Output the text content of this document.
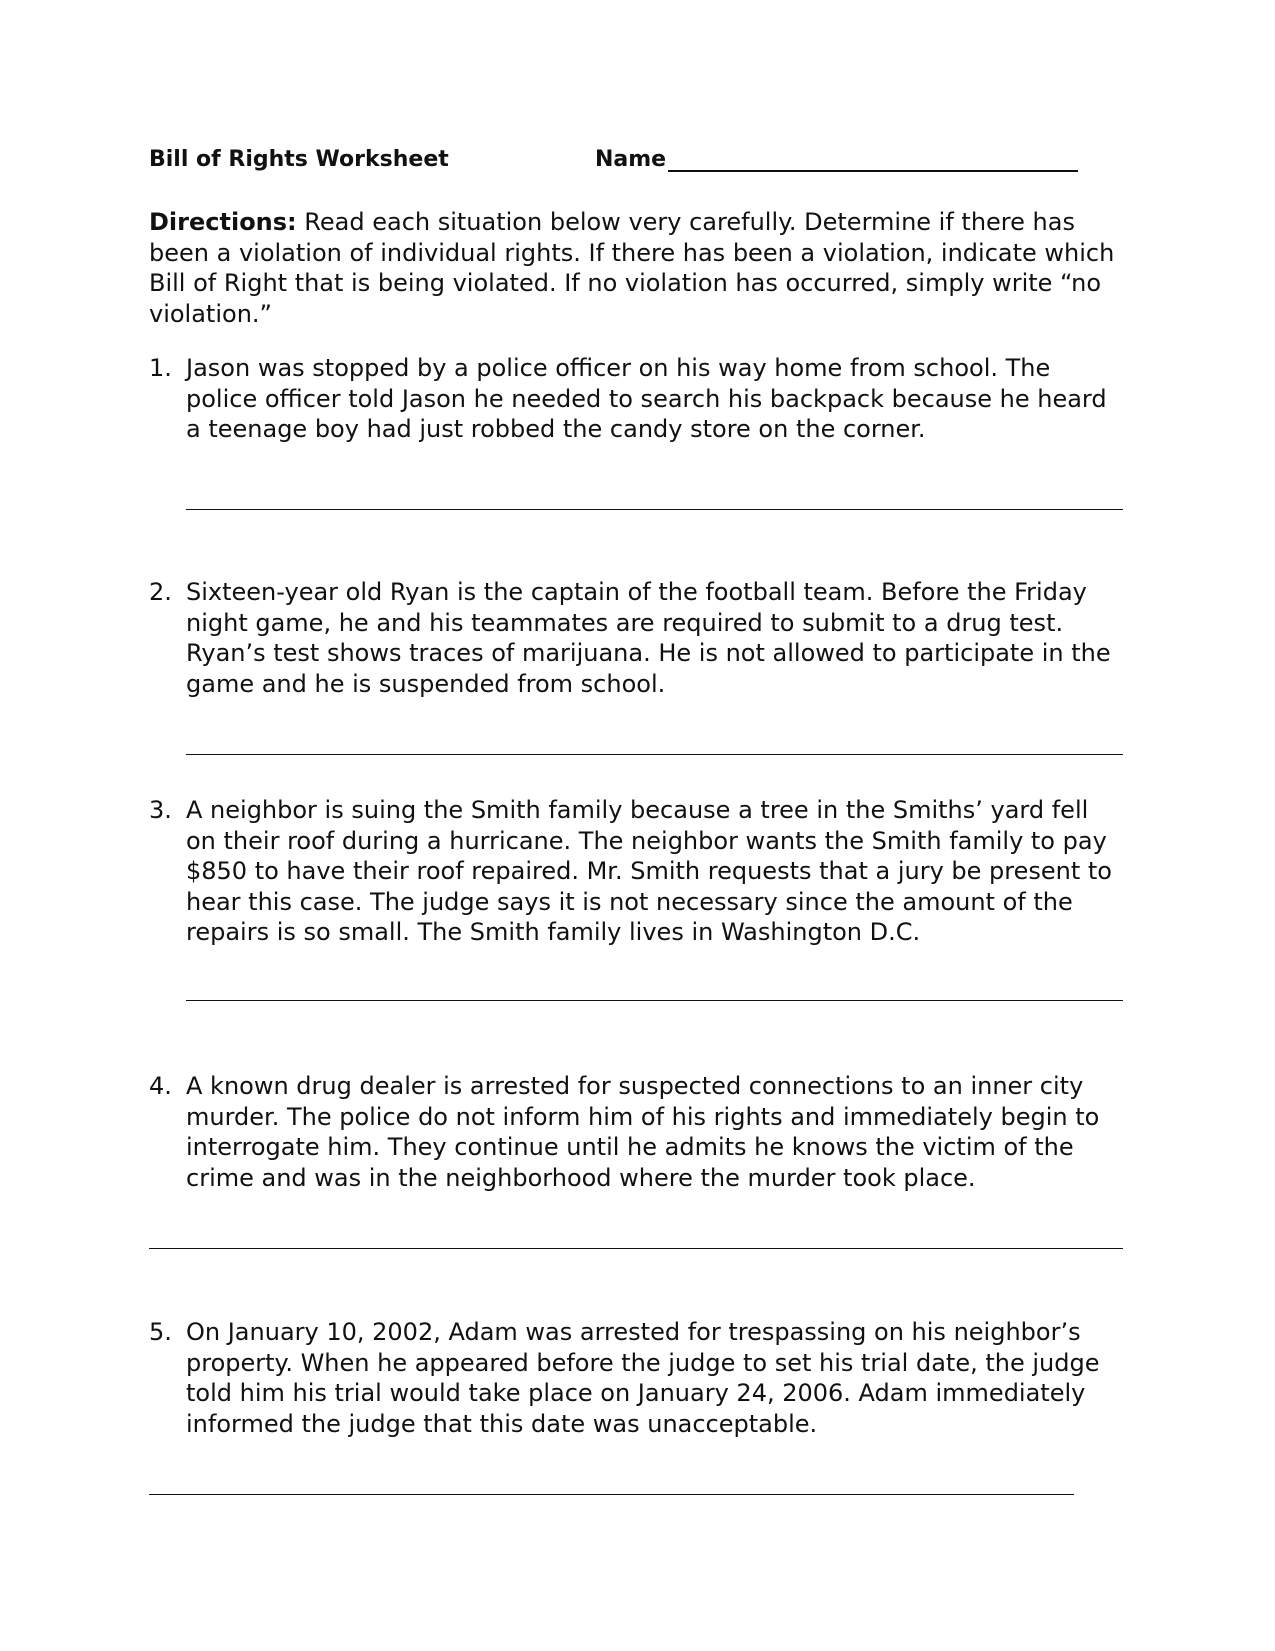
Bill of Rights Worksheet	Name
Directions: Read each situation below very carefully. Determine if there has been a violation of individual rights. If there has been a violation, indicate which Bill of Right that is being violated. If no violation has occurred, simply write “no violation.”
1. Jason was stopped by a police officer on his way home from school. The police officer told Jason he needed to search his backpack because he heard a teenage boy had just robbed the candy store on the corner.
2. Sixteen-year old Ryan is the captain of the football team. Before the Friday night game, he and his teammates are required to submit to a drug test. Ryan’s test shows traces of marijuana. He is not allowed to participate in the game and he is suspended from school.
3. A neighbor is suing the Smith family because a tree in the Smiths’ yard fell on their roof during a hurricane. The neighbor wants the Smith family to pay $850 to have their roof repaired. Mr. Smith requests that a jury be present to hear this case. The judge says it is not necessary since the amount of the repairs is so small. The Smith family lives in Washington D.C.
4. A known drug dealer is arrested for suspected connections to an inner city murder. The police do not inform him of his rights and immediately begin to interrogate him. They continue until he admits he knows the victim of the crime and was in the neighborhood where the murder took place.
5. On January 10, 2002, Adam was arrested for trespassing on his neighbor’s property. When he appeared before the judge to set his trial date, the judge told him his trial would take place on January 24, 2006. Adam immediately informed the judge that this date was unacceptable.
